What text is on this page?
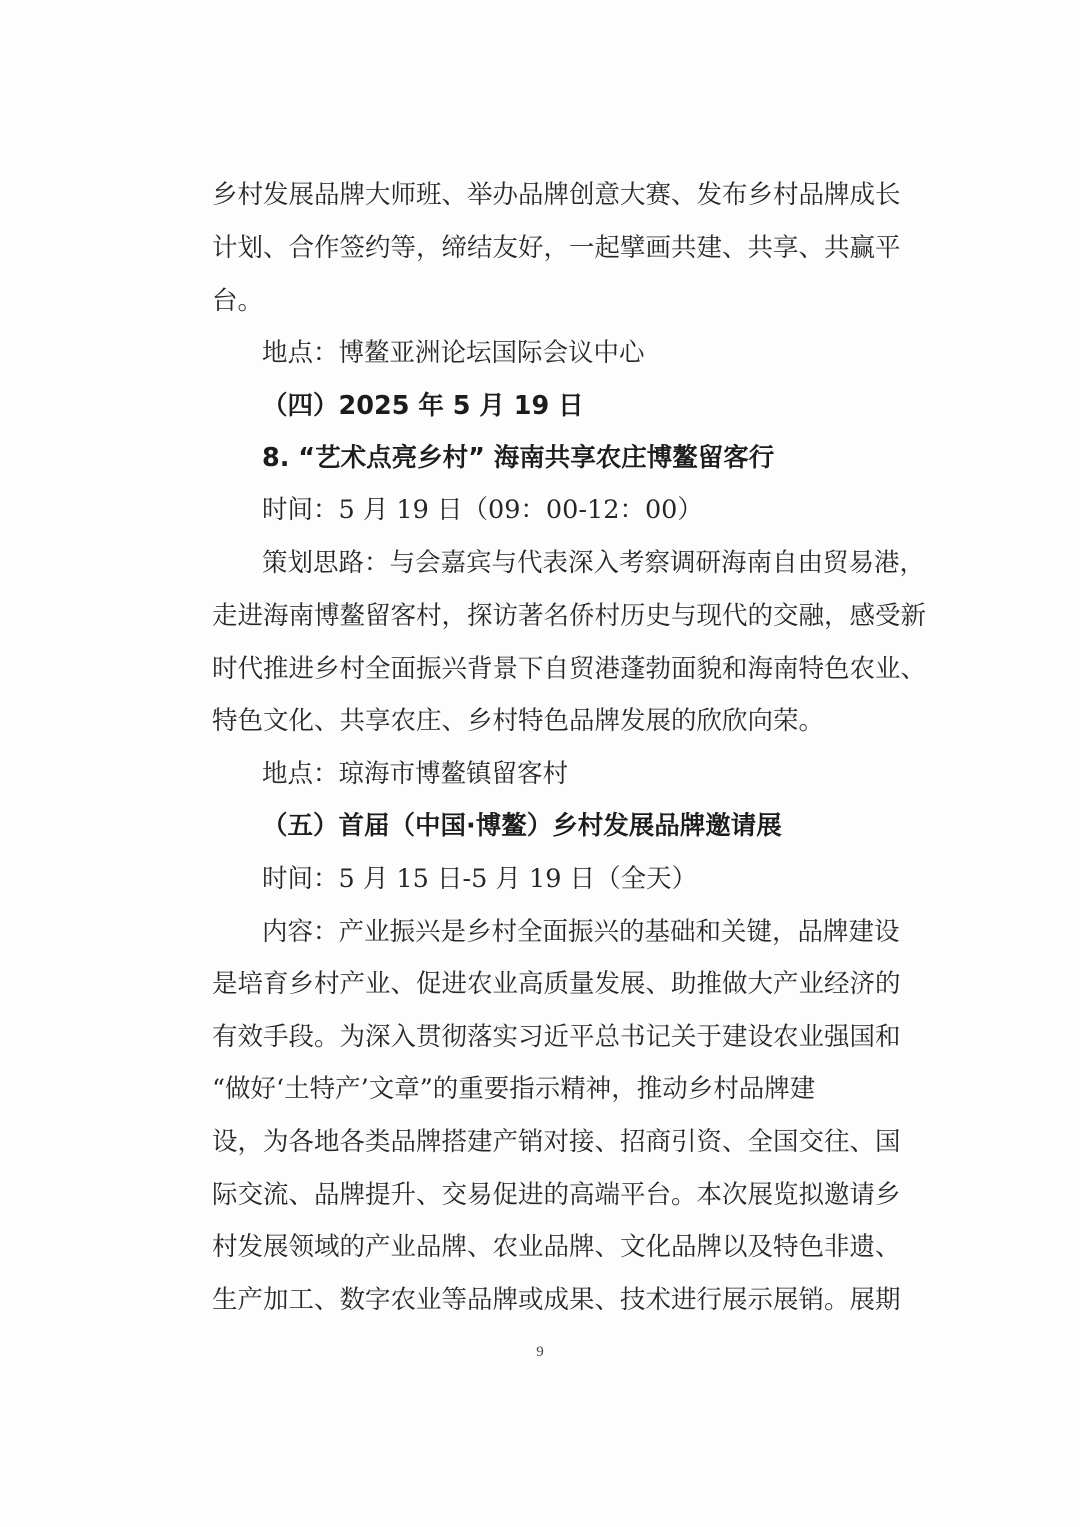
乡村发展品牌大师班、举办品牌创意大赛、发布乡村品牌成长
计划、合作签约等，缔结友好，一起擘画共建、共享、共赢平
台。
地点：博鳌亚洲论坛国际会议中心
（四）2025 年 5 月 19 日
8. “艺术点亮乡村” 海南共享农庄博鳌留客行
时间：5 月 19 日（09：00-12：00）
策划思路：与会嘉宾与代表深入考察调研海南自由贸易港，
走进海南博鳌留客村，探访著名侨村历史与现代的交融，感受新
时代推进乡村全面振兴背景下自贸港蓬勃面貌和海南特色农业、
特色文化、共享农庄、乡村特色品牌发展的欣欣向荣。
地点：琼海市博鳌镇留客村
（五）首届（中国·博鳌）乡村发展品牌邀请展
时间：5 月 15 日-5 月 19 日（全天）
内容：产业振兴是乡村全面振兴的基础和关键，品牌建设
是培育乡村产业、促进农业高质量发展、助推做大产业经济的
有效手段。为深入贯彻落实习近平总书记关于建设农业强国和
“做好‘土特产’文章”的重要指示精神，推动乡村品牌建
设，为各地各类品牌搭建产销对接、招商引资、全国交往、国
际交流、品牌提升、交易促进的高端平台。本次展览拟邀请乡
村发展领域的产业品牌、农业品牌、文化品牌以及特色非遗、
生产加工、数字农业等品牌或成果、技术进行展示展销。展期
9
